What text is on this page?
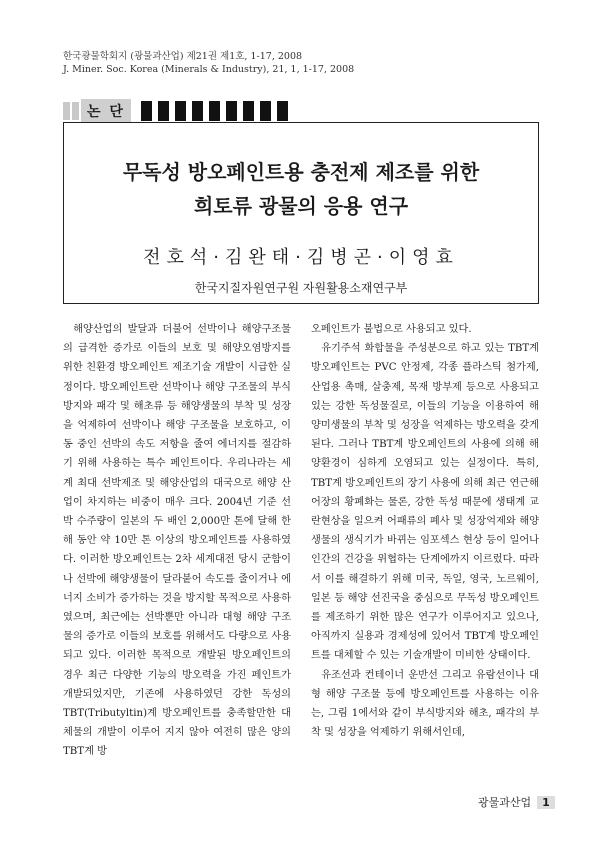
한국광물학회지 (광물과산업) 제21권 제1호, 1-17, 2008
J. Miner. Soc. Korea (Minerals & Industry), 21, 1, 1-17, 2008
논 단
무독성 방오페인트용 충전제 제조를 위한
희토류 광물의 응용 연구
전호석·김완태·김병곤·이영효
한국지질자원연구원 자원활용소재연구부

해양산업의 발달과 더불어 선박이나 해양구조물의 급격한 증가로 이들의 보호 및 해양오염방지를 위한 친환경 방오페인트 제조기술 개발이 시급한 실정이다. 방오페인트란 선박이나 해양 구조물의 부식방지와 패각 및 해초류 등 해양생물의 부착 및 성장을 억제하여 선박이나 해양 구조물을 보호하고, 이동 중인 선박의 속도 저항을 줄여 에너지를 절감하기 위해 사용하는 특수 페인트이다. 우리나라는 세계 최대 선박제조 및 해양산업의 대국으로 해양 산업이 차지하는 비중이 매우 크다. 2004년 기준 선박 수주량이 일본의 두 배인 2,000만 톤에 달해 한 해 동안 약 10만 톤 이상의 방오페인트를 사용하였다. 이러한 방오페인트는 2차 세계대전 당시 군함이나 선박에 해양생물이 달라붙어 속도를 줄이거나 에너지 소비가 증가하는 것을 방지할 목적으로 사용하였으며, 최근에는 선박뿐만 아니라 대형 해양 구조물의 증가로 이들의 보호를 위해서도 다량으로 사용되고 있다. 이러한 목적으로 개발된 방오페인트의 경우 최근 다양한 기능의 방오력을 가진 페인트가 개발되었지만, 기존에 사용하였던 강한 독성의 TBT(Tributyltin)계 방오페인트를 충족할만한 대체물의 개발이 이루어 지지 않아 여전히 많은 양의 TBT계 방

오페인트가 불법으로 사용되고 있다.

유기주석 화합물을 주성분으로 하고 있는 TBT계 방오페인트는 PVC 안정제, 각종 플라스틱 첨가제, 산업용 촉매, 살충제, 목재 방부제 등으로 사용되고 있는 강한 독성물질로, 이들의 기능을 이용하여 해양미생물의 부착 및 성장을 억제하는 방오력을 갖게 된다. 그러나 TBT계 방오페인트의 사용에 의해 해양환경이 심하게 오염되고 있는 실정이다. 특히, TBT계 방오페인트의 장기 사용에 의해 최근 연근해 어장의 황폐화는 물론, 강한 독성 때문에 생태계 교란현상을 일으켜 어패류의 폐사 및 성장억제와 해양생물의 생식기가 바뀌는 임포섹스 현상 등이 일어나 인간의 건강을 위협하는 단계에까지 이르렀다. 따라서 이를 해결하기 위해 미국, 독일, 영국, 노르웨이, 일본 등 해양 선진국을 중심으로 무독성 방오페인트를 제조하기 위한 많은 연구가 이루어지고 있으나, 아직까지 실용과 경제성에 있어서 TBT계 방오페인트를 대체할 수 있는 기술개발이 미비한 상태이다.

유조선과 컨테이너 운반선 그리고 유람선이나 대형 해양 구조물 등에 방오페인트를 사용하는 이유는, 그림 1에서와 같이 부식방지와 해초, 패각의 부착 및 성장을 억제하기 위해서인데,

광물과산업	1
